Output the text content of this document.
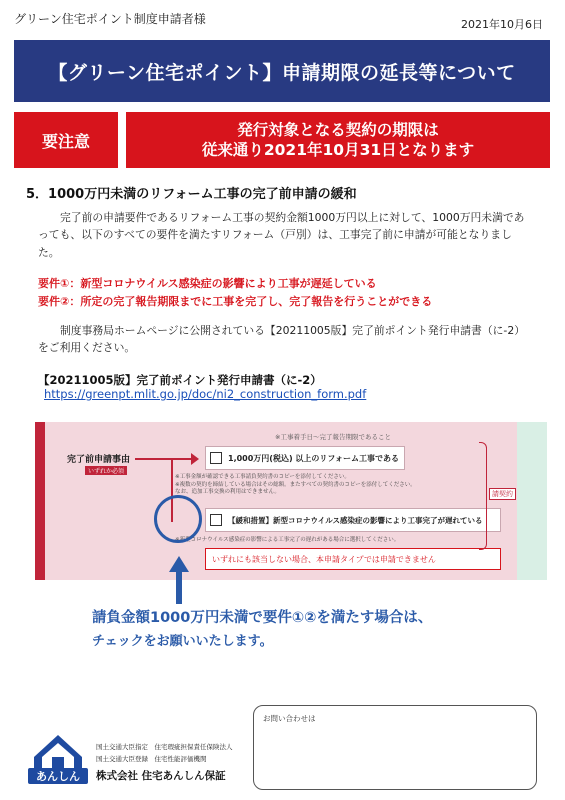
グリーン住宅ポイント制度申請者様	2021年10月6日
【グリーン住宅ポイント】申請期限の延長等について
要注意
発行対象となる契約の期限は
従来通り2021年10月31日となります
5．1000万円未満のリフォーム工事の完了前申請の緩和
完了前の申請要件であるリフォーム工事の契約金額1000万円以上に対して、1000万円未満であっても、以下のすべての要件を満たすリフォーム（戸別）は、工事完了前に申請が可能となりました。
要件①：新型コロナウイルス感染症の影響により工事が遅延している
要件②：所定の完了報告期限までに工事を完了し、完了報告を行うことができる
制度事務局ホームページに公開されている【20211005版】完了前ポイント発行申請書（に-2）をご利用ください。
【20211005版】完了前ポイント発行申請書（に-2）
https://greenpt.mlit.go.jp/doc/ni2_construction_form.pdf
※工事着手日〜完了報告期限であること
完了前申請事由
いずれか必須
1,000万円(税込) 以上のリフォーム工事である
※工事金額が確認できる工事請負契約書のコピーを添付してください。
※複数の契約を締結している場合はその総額。またすべての契約書のコピーを添付してください。
なお、追加工事交換の利用はできません。
【緩和措置】新型コロナウイルス感染症の影響により工事完了が遅れている
※新型コロナウイルス感染症の影響による工事完了の遅れがある場合に選択してください。
いずれにも該当しない場合、本申請タイプでは申請できません
請契約
請負金額1000万円未満で要件①②を満たす場合は、
チェックをお願いいたします。
お問い合わせは
あんしん
国土交通大臣指定　住宅瑕疵担保責任保険法人
国土交通大臣登録　住宅性能評価機関
株式会社 住宅あんしん保証
